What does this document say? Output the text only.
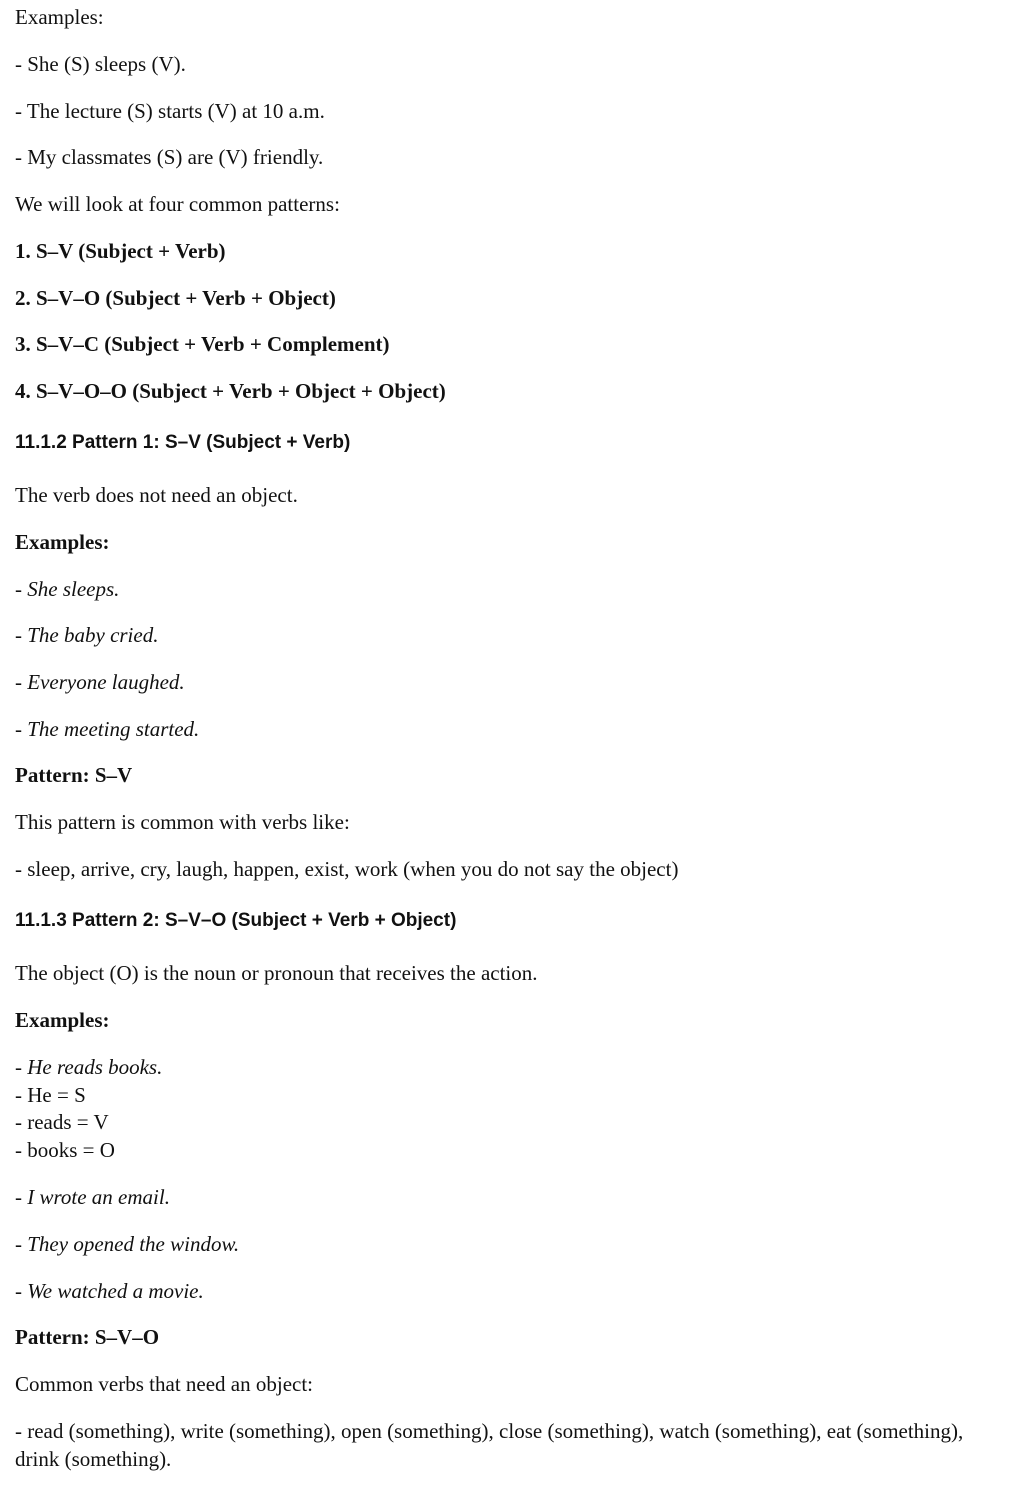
Examples:

- She (S) sleeps (V).

- The lecture (S) starts (V) at 10 a.m.

- My classmates (S) are (V) friendly.

We will look at four common patterns:

1. S–V (Subject + Verb)

2. S–V–O (Subject + Verb + Object)

3. S–V–C (Subject + Verb + Complement)

4. S–V–O–O (Subject + Verb + Object + Object)

11.1.2 Pattern 1: S–V (Subject + Verb)

The verb does not need an object.

Examples:

- She sleeps.

- The baby cried.

- Everyone laughed.

- The meeting started.

Pattern: S–V

This pattern is common with verbs like:

- sleep, arrive, cry, laugh, happen, exist, work (when you do not say the object)

11.1.3 Pattern 2: S–V–O (Subject + Verb + Object)

The object (O) is the noun or pronoun that receives the action.

Examples:

- He reads books.

- He = S

- reads = V

- books = O

- I wrote an email.

- They opened the window.

- We watched a movie.

Pattern: S–V–O

Common verbs that need an object:

- read (something), write (something), open (something), close (something), watch (something), eat (something), drink (something).
